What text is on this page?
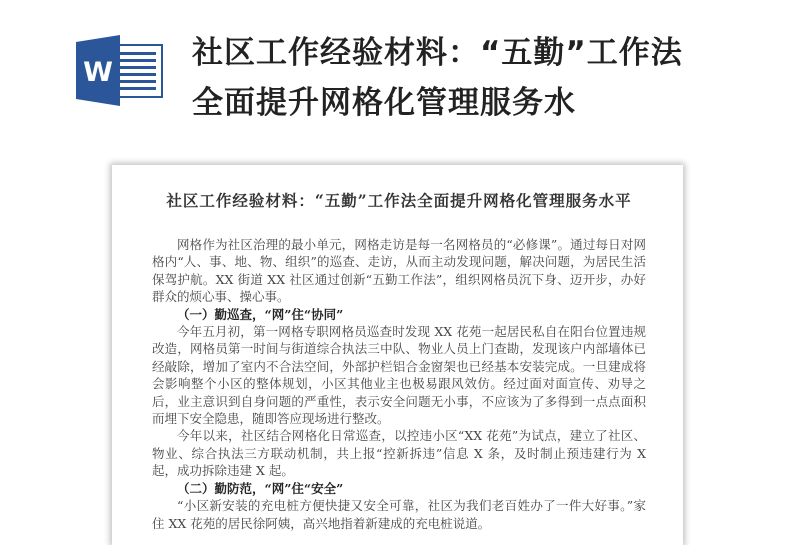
W
社区工作经验材料：“五勤”工作法全面提升网格化管理服务水
社区工作经验材料：“五勤”工作法全面提升网格化管理服务水平

网格作为社区治理的最小单元，网格走访是每一名网格员的“必修课”。通过每日对网格内“人、事、地、物、组织”的巡查、走访，从而主动发现问题，解决问题，为居民生活保驾护航。XX 街道 XX 社区通过创新“五勤工作法”，组织网格员沉下身、迈开步，办好群众的烦心事、操心事。

（一）勤巡查，“网”住“协同”

今年五月初，第一网格专职网格员巡查时发现 XX 花苑一起居民私自在阳台位置违规改造，网格员第一时间与街道综合执法三中队、物业人员上门查勘，发现该户内部墙体已经敲除，增加了室内不合法空间，外部护栏铝合金窗架也已经基本安装完成。一旦建成将会影响整个小区的整体规划，小区其他业主也极易跟风效仿。经过面对面宣传、劝导之后，业主意识到自身问题的严重性，表示安全问题无小事，不应该为了多得到一点点面积而埋下安全隐患，随即答应现场进行整改。

今年以来，社区结合网格化日常巡查，以控违小区“XX 花苑”为试点，建立了社区、物业、综合执法三方联动机制，共上报“控新拆违”信息 X 条，及时制止预违建行为 X 起，成功拆除违建 X 起。

（二）勤防范，“网”住“安全”

“小区新安装的充电桩方便快捷又安全可靠，社区为我们老百姓办了一件大好事。”家住 XX 花苑的居民徐阿姨，高兴地指着新建成的充电桩说道。
